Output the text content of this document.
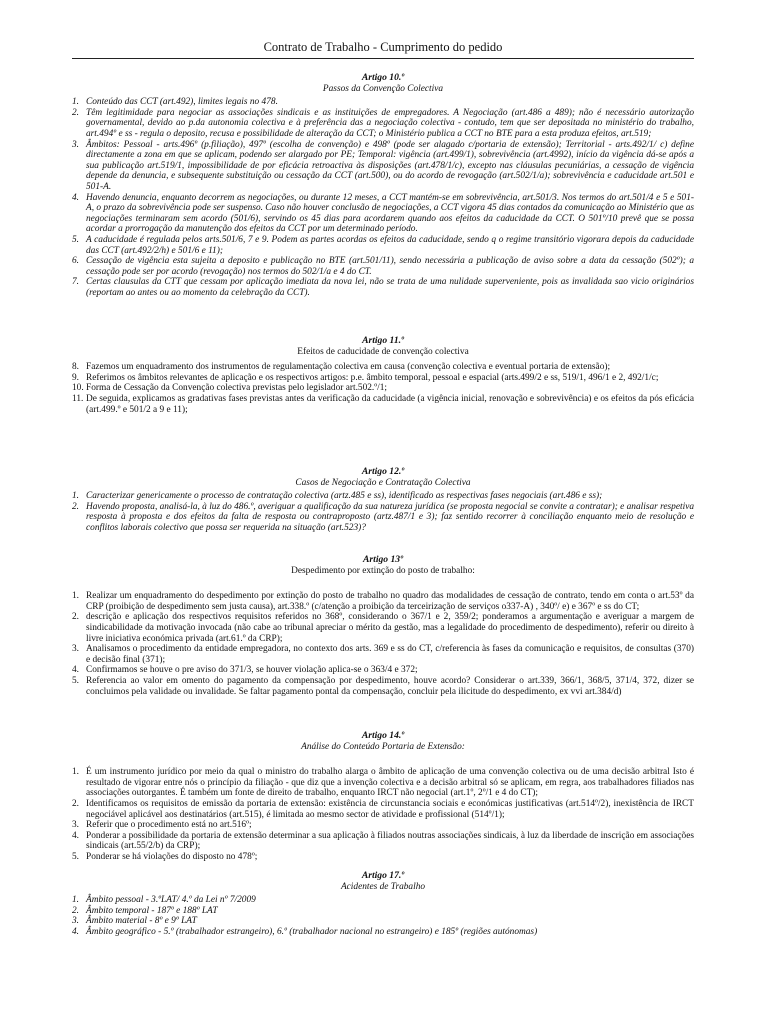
Contrato de Trabalho - Cumprimento do pedido
Artigo 10.º
Passos da Convenção Colectiva
1. Conteúdo das CCT (art.492), limites legais no 478.
2. Têm legitimidade para negociar as associações sindicais e as instituições de empregadores. A Negociação (art.486 a 489); não é necessário autorização governamental, devido ao p.da autonomia colectiva e à preferência das a negociação colectiva - contudo, tem que ser depositada no ministério do trabalho, art.494º e ss - regula o deposito, recusa e possibilidade de alteração da CCT; o Ministério publica a CCT no BTE para a esta produza efeitos, art.519;
3. Âmbitos: Pessoal - arts.496º (p.filiação), 497º (escolha de convenção) e 498º (pode ser alagado c/portaria de extensão); Territorial - arts.492/1/ c) define directamente a zona em que se aplicam, podendo ser alargado por PE; Temporal: vigência (art.499/1), sobrevivência (art.4992), início da vigência dá-se após a sua publicação art.519/1, impossibilidade de por eficácia retroactiva às disposições (art.478/1/c), excepto nas cláusulas pecuniárias, a cessação de vigência depende da denuncia, e subsequente substituição ou cessação da CCT (art.500), ou do acordo de revogação (art.502/1/a); sobrevivência e caducidade art.501 e 501-A.
4. Havendo denuncia, enquanto decorrem as negociações, ou durante 12 meses, a CCT mantém-se em sobrevivência, art.501/3. Nos termos do art.501/4 e 5 e 501-A, o prazo da sobrevivência pode ser suspenso. Caso não houver conclusão de negociações, a CCT vigora 45 dias contados da comunicação ao Ministério que as negociações terminaram sem acordo (501/6), servindo os 45 dias para acordarem quando aos efeitos da caducidade da CCT. O 501º/10 prevê que se possa acordar a prorrogação da manutenção dos efeitos da CCT por um determinado período.
5. A caducidade é regulada pelos arts.501/6, 7 e 9. Podem as partes acordas os efeitos da caducidade, sendo q o regime transitório vigorara depois da caducidade das CCT (art.492/2/h) e 501/6 e 11);
6. Cessação de vigência esta sujeita a deposito e publicação no BTE (art.501/11), sendo necessária a publicação de aviso sobre a data da cessação (502º); a cessação pode ser por acordo (revogação) nos termos do 502/1/a e 4 do CT.
7. Certas clausulas da CTT que cessam por aplicação imediata da nova lei, não se trata de uma nulidade superveniente, pois as invalidada sao vicio originários (reportam ao antes ou ao momento da celebração da CCT).
Artigo 11.º
Efeitos de caducidade de convenção colectiva
8. Fazemos um enquadramento dos instrumentos de regulamentação colectiva em causa (convenção colectiva e eventual portaria de extensão);
9. Referimos os âmbitos relevantes de aplicação e os respectivos artigos: p.e. âmbito temporal, pessoal e espacial (arts.499/2 e ss, 519/1, 496/1 e 2, 492/1/c;
10. Forma de Cessação da Convenção colectiva previstas pelo legislador art.502.º/1;
11. De seguida, explicamos as gradativas fases previstas antes da verificação da caducidade (a vigência inicial, renovação e sobrevivência) e os efeitos da pós eficácia (art.499.º e 501/2 a 9 e 11);
Artigo 12.º
Casos de Negociação e Contratação Colectiva
1. Caracterizar genericamente o processo de contratação colectiva (artz.485 e ss), identificado as respectivas fases negociais (art.486 e ss);
2. Havendo proposta, analisá-la, à luz do 486.º, averiguar a qualificação da sua natureza jurídica (se proposta negocial se convite a contratar); e analisar respetiva resposta à proposta e dos efeitos da falta de resposta ou contraproposto (artz.487/1 e 3); faz sentido recorrer à conciliação enquanto meio de resolução e conflitos laborais colectivo que possa ser requerida na situação (art.523)?
Artigo 13º
Despedimento por extinção do posto de trabalho:
1. Realizar um enquadramento do despedimento por extinção do posto de trabalho no quadro das modalidades de cessação de contrato, tendo em conta o art.53º da CRP (proibição de despedimento sem justa causa), art.338.º (c/atenção a proibição da terceirização de serviços o337-A) , 340º/ e) e 367º e ss do CT;
2. descrição e aplicação dos respectivos requisitos referidos no 368º, considerando o 367/1 e 2, 359/2; ponderamos a argumentação e averiguar a margem de sindicabilidade da motivação invocada (não cabe ao tribunal apreciar o mérito da gestão, mas a legalidade do procedimento de despedimento), referir ou direito à livre iniciativa económica privada (art.61.º da CRP);
3. Analisamos o procedimento da entidade empregadora, no contexto dos arts. 369 e ss do CT, c/referencia às fases da comunicação e requisitos, de consultas (370) e decisão final (371);
4. Confirmamos se houve o pre aviso do 371/3, se houver violação aplica-se o 363/4 e 372;
5. Referencia ao valor em omento do pagamento da compensação por despedimento, houve acordo? Considerar o art.339, 366/1, 368/5, 371/4, 372, dizer se concluimos pela validade ou invalidade. Se faltar pagamento pontal da compensação, concluir pela ilicitude do despedimento, ex vvi art.384/d)
Artigo 14.º
Análise do Conteúdo Portaria de Extensão:
1. É um instrumento jurídico por meio da qual o ministro do trabalho alarga o âmbito de aplicação de uma convenção colectiva ou de uma decisão arbitral Isto é resultado de vigorar entre nós o princípio da filiação - que diz que a invenção colectiva e a decisão arbitral só se aplicam, em regra, aos trabalhadores filiados nas associações outorgantes. É também um fonte de direito de trabalho, enquanto IRCT não negocial (art.1º, 2º/1 e 4 do CT);
2. Identificamos os requisitos de emissão da portaria de extensão: existência de circunstancia sociais e económicas justificativas (art.514º/2), inexistência de IRCT negociável aplicável aos destinatários (art.515), é limitada ao mesmo sector de atividade e profissional (514º/1);
3. Referir que o procedimento está no art.516º;
4. Ponderar a possibilidade da portaria de extensão determinar a sua aplicação à filiados noutras associações sindicais, à luz da liberdade de inscrição em associações sindicais (art.55/2/b) da CRP);
5. Ponderar se há violações do disposto no 478º;
Artigo 17.º
Acidentes de Trabalho
1. Âmbito pessoal - 3.ºLAT/ 4.º da Lei nº 7/2009
2. Âmbito temporal - 187º e 188º LAT
3. Âmbito material - 8º e 9º LAT
4. Âmbito geográfico - 5.º (trabalhador estrangeiro), 6.º (trabalhador nacional no estrangeiro) e 185º (regiões autónomas)
